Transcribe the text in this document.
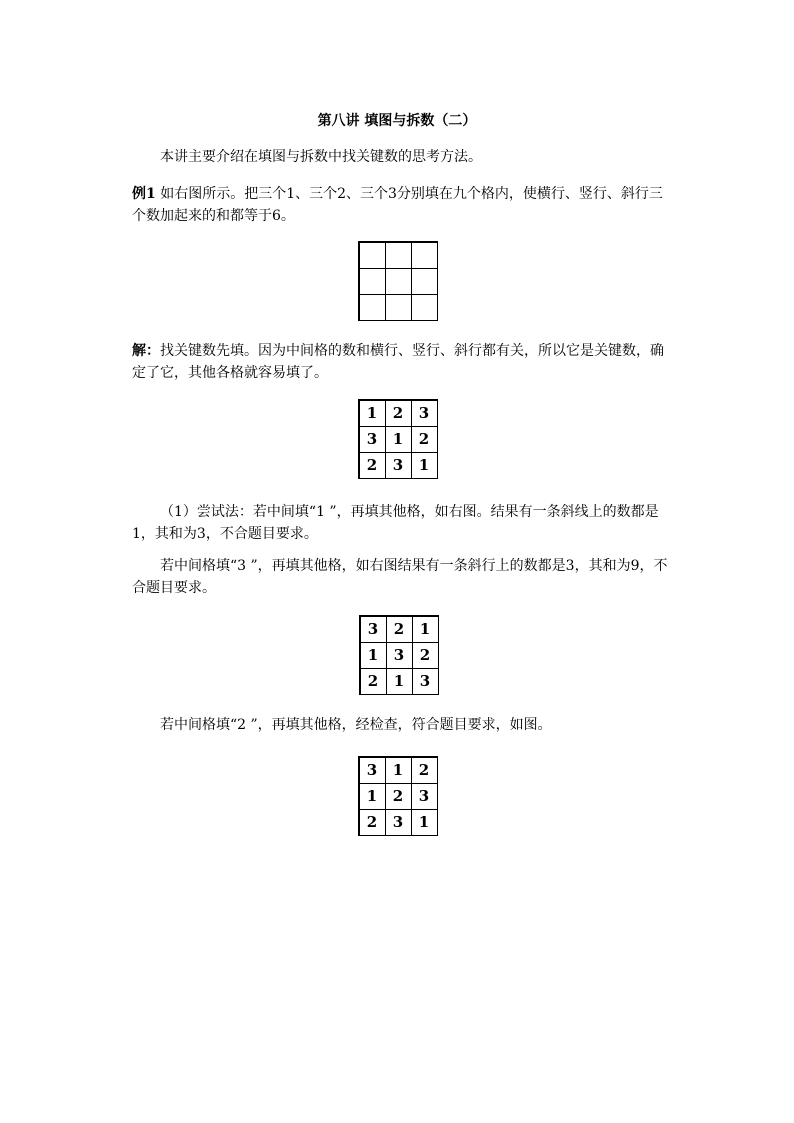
第八讲 填图与拆数（二）
本讲主要介绍在填图与拆数中找关键数的思考方法。
例1 如右图所示。把三个1、三个2、三个3分别填在九个格内，使横行、竖行、斜行三个数加起来的和都等于6。
解：找关键数先填。因为中间格的数和横行、竖行、斜行都有关，所以它是关键数，确定了它，其他各格就容易填了。
1	2	3
3	1	2
2	3	1
（1）尝试法：若中间填“1 ”，再填其他格，如右图。结果有一条斜线上的数都是1，其和为3，不合题目要求。
若中间格填“3 ”，再填其他格，如右图结果有一条斜行上的数都是3，其和为9，不合题目要求。
3	2	1
1	3	2
2	1	3
若中间格填“2 ”，再填其他格，经检查，符合题目要求，如图。
3	1	2
1	2	3
2	3	1
